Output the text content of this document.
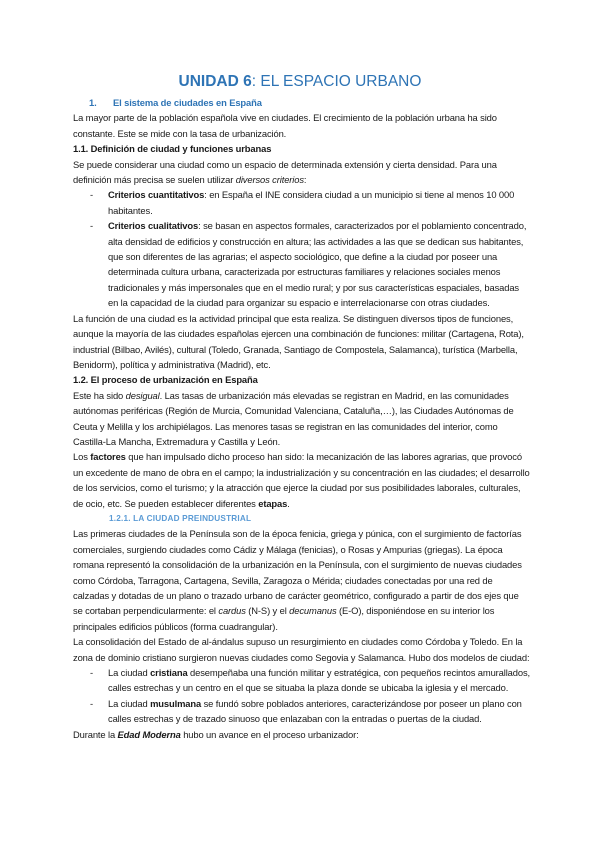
UNIDAD 6: EL ESPACIO URBANO

1. El sistema de ciudades en España

La mayor parte de la población española vive en ciudades. El crecimiento de la población urbana ha sido constante. Este se mide con la tasa de urbanización.

1.1. Definición de ciudad y funciones urbanas

Se puede considerar una ciudad como un espacio de determinada extensión y cierta densidad. Para una definición más precisa se suelen utilizar diversos criterios:

- Criterios cuantitativos: en España el INE considera ciudad a un municipio si tiene al menos 10 000 habitantes.

- Criterios cualitativos: se basan en aspectos formales, caracterizados por el poblamiento concentrado, alta densidad de edificios y construcción en altura; las actividades a las que se dedican sus habitantes, que son diferentes de las agrarias; el aspecto sociológico, que define a la ciudad por poseer una determinada cultura urbana, caracterizada por estructuras familiares y relaciones sociales menos tradicionales y más impersonales que en el medio rural; y por sus características espaciales, basadas en la capacidad de la ciudad para organizar su espacio e interrelacionarse con otras ciudades.

La función de una ciudad es la actividad principal que esta realiza. Se distinguen diversos tipos de funciones, aunque la mayoría de las ciudades españolas ejercen una combinación de funciones: militar (Cartagena, Rota), industrial (Bilbao, Avilés), cultural (Toledo, Granada, Santiago de Compostela, Salamanca), turística (Marbella, Benidorm), política y administrativa (Madrid), etc.

1.2. El proceso de urbanización en España

Este ha sido desigual. Las tasas de urbanización más elevadas se registran en Madrid, en las comunidades autónomas periféricas (Región de Murcia, Comunidad Valenciana, Cataluña,…), las Ciudades Autónomas de Ceuta y Melilla y los archipiélagos. Las menores tasas se registran en las comunidades del interior, como Castilla-La Mancha, Extremadura y Castilla y León.

Los factores que han impulsado dicho proceso han sido: la mecanización de las labores agrarias, que provocó un excedente de mano de obra en el campo; la industrialización y su concentración en las ciudades; el desarrollo de los servicios, como el turismo; y la atracción que ejerce la ciudad por sus posibilidades laborales, culturales, de ocio, etc. Se pueden establecer diferentes etapas.

1.2.1. LA CIUDAD PREINDUSTRIAL

Las primeras ciudades de la Península son de la época fenicia, griega y púnica, con el surgimiento de factorías comerciales, surgiendo ciudades como Cádiz y Málaga (fenicias), o Rosas y Ampurias (griegas). La época romana representó la consolidación de la urbanización en la Península, con el surgimiento de nuevas ciudades como Córdoba, Tarragona, Cartagena, Sevilla, Zaragoza o Mérida; ciudades conectadas por una red de calzadas y dotadas de un plano o trazado urbano de carácter geométrico, configurado a partir de dos ejes que se cortaban perpendicularmente: el cardus (N-S) y el decumanus (E-O), disponiéndose en su interior los principales edificios públicos (forma cuadrangular).

La consolidación del Estado de al-ándalus supuso un resurgimiento en ciudades como Córdoba y Toledo. En la zona de dominio cristiano surgieron nuevas ciudades como Segovia y Salamanca. Hubo dos modelos de ciudad:

- La ciudad cristiana desempeñaba una función militar y estratégica, con pequeños recintos amurallados, calles estrechas y un centro en el que se situaba la plaza donde se ubicaba la iglesia y el mercado.

- La ciudad musulmana se fundó sobre poblados anteriores, caracterizándose por poseer un plano con calles estrechas y de trazado sinuoso que enlazaban con la entradas o puertas de la ciudad.

Durante la Edad Moderna hubo un avance en el proceso urbanizador:
